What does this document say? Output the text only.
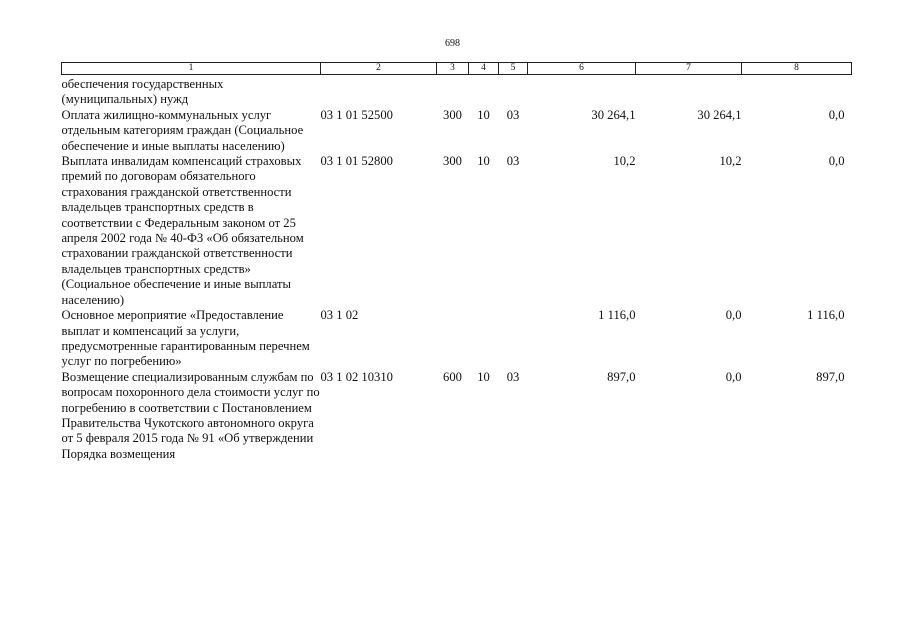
698
1	2	3	4	5	6	7	8
обеспечения государственных (муниципальных) нужд							
Оплата жилищно-коммунальных услуг отдельным категориям граждан (Социальное обеспечение и иные выплаты населению)	03 1 01 52500	300	10	03	30 264,1	30 264,1	0,0
Выплата инвалидам компенсаций страховых премий по договорам обязательного страхования гражданской ответственности владельцев транспортных средств в соответствии с Федеральным законом от 25 апреля 2002 года № 40-ФЗ «Об обязательном страховании гражданской ответственности владельцев транспортных средств» (Социальное обеспечение и иные выплаты населению)	03 1 01 52800	300	10	03	10,2	10,2	0,0
Основное мероприятие «Предоставление выплат и компенсаций за услуги, предусмотренные гарантированным перечнем услуг по погребению»	03 1 02				1 116,0	0,0	1 116,0
Возмещение специализированным службам по вопросам похоронного дела стоимости услуг по погребению в соответствии с Постановлением Правительства Чукотского автономного округа от 5 февраля 2015 года № 91 «Об утверждении Порядка возмещения	03 1 02 10310	600	10	03	897,0	0,0	897,0
